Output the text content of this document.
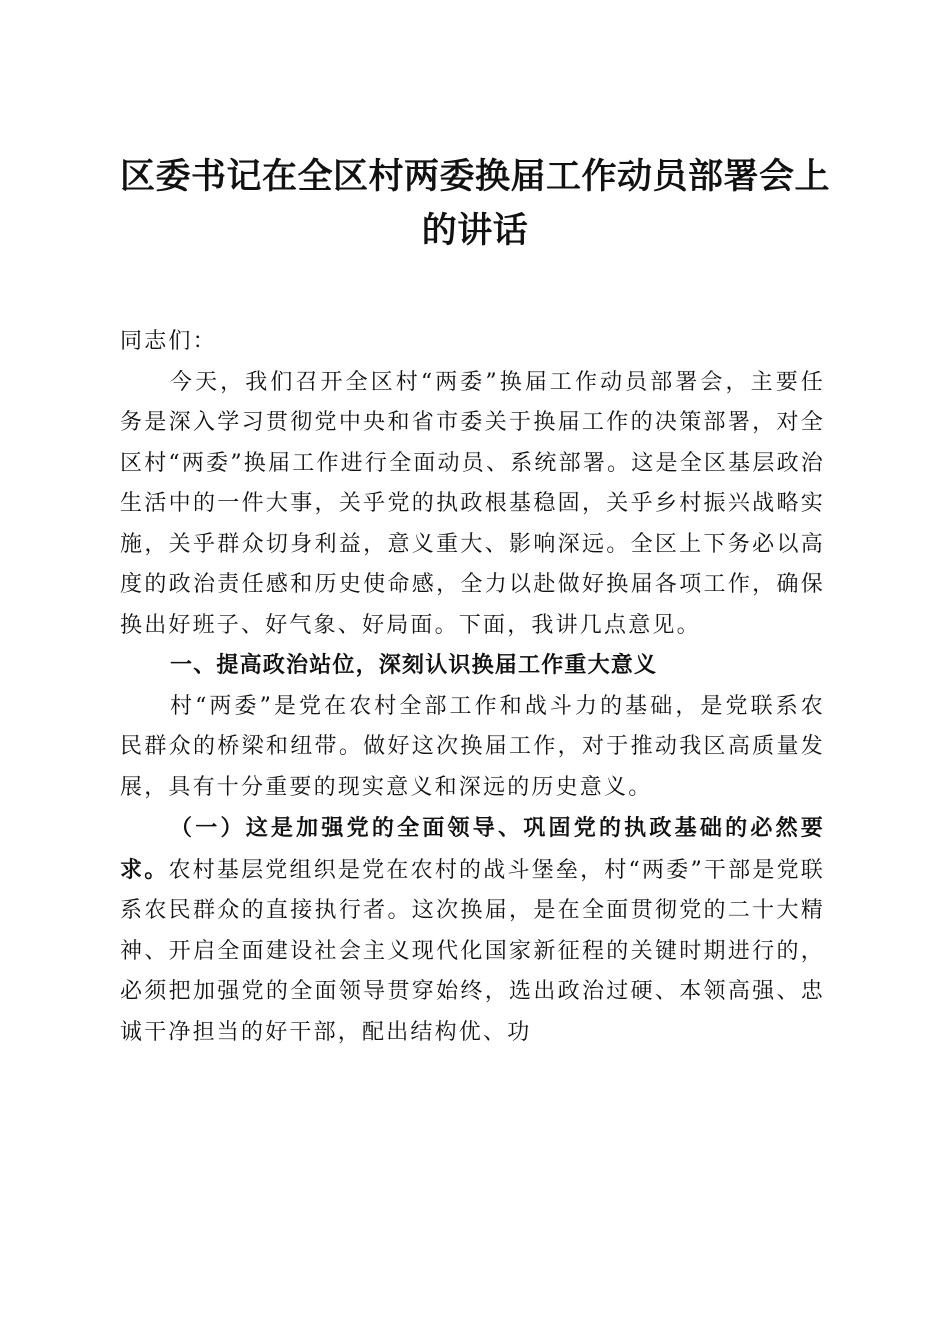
区委书记在全区村两委换届工作动员部署会上
的讲话

同志们：

今天，我们召开全区村“两委”换届工作动员部署会，主要任务是深入学习贯彻党中央和省市委关于换届工作的决策部署，对全区村“两委”换届工作进行全面动员、系统部署。这是全区基层政治生活中的一件大事，关乎党的执政根基稳固，关乎乡村振兴战略实施，关乎群众切身利益，意义重大、影响深远。全区上下务必以高度的政治责任感和历史使命感，全力以赴做好换届各项工作，确保换出好班子、好气象、好局面。下面，我讲几点意见。

一、提高政治站位，深刻认识换届工作重大意义

村“两委”是党在农村全部工作和战斗力的基础，是党联系农民群众的桥梁和纽带。做好这次换届工作，对于推动我区高质量发展，具有十分重要的现实意义和深远的历史意义。

（一）这是加强党的全面领导、巩固党的执政基础的必然要求。农村基层党组织是党在农村的战斗堡垒，村“两委”干部是党联系农民群众的直接执行者。这次换届，是在全面贯彻党的二十大精神、开启全面建设社会主义现代化国家新征程的关键时期进行的，必须把加强党的全面领导贯穿始终，选出政治过硬、本领高强、忠诚干净担当的好干部，配出结构优、功
